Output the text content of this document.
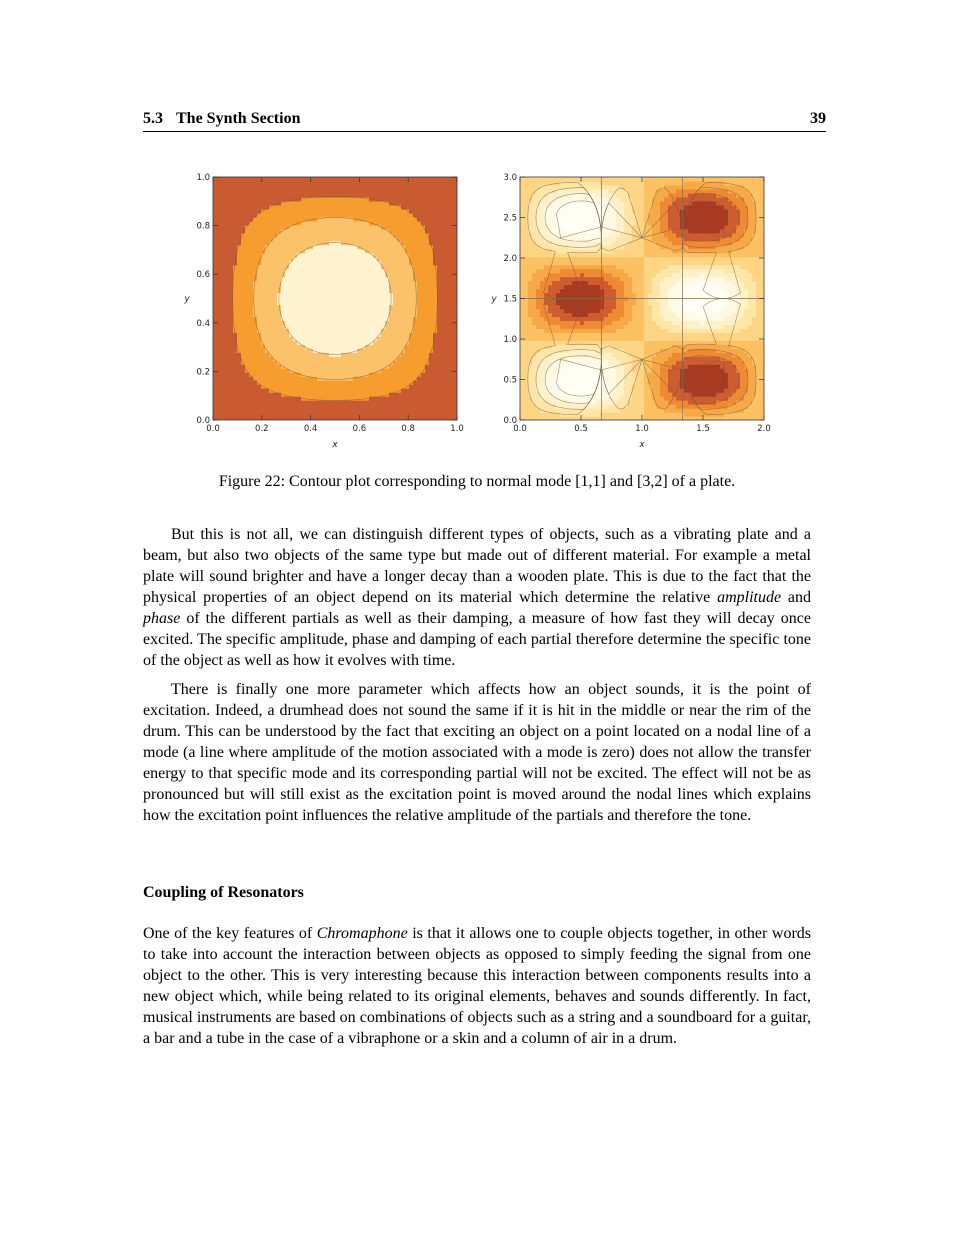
5.3 The Synth Section	39
0.0	0.2	0.4	0.6	0.8	1.0
0.0
0.2
0.4
0.6
0.8
1.0
x
y
0.0	0.5	1.0	1.5	2.0
0.0
0.5
1.0
1.5
2.0
2.5
3.0
x
y
Figure 22: Contour plot corresponding to normal mode [1,1] and [3,2] of a plate.

But this is not all, we can distinguish different types of objects, such as a vibrating plate and a beam, but also two objects of the same type but made out of different material. For example a metal plate will sound brighter and have a longer decay than a wooden plate. This is due to the fact that the physical properties of an object depend on its material which determine the relative amplitude and phase of the different partials as well as their damping, a measure of how fast they will decay once excited. The specific amplitude, phase and damping of each partial therefore determine the specific tone of the object as well as how it evolves with time.

There is finally one more parameter which affects how an object sounds, it is the point of excitation. Indeed, a drumhead does not sound the same if it is hit in the middle or near the rim of the drum. This can be understood by the fact that exciting an object on a point located on a nodal line of a mode (a line where amplitude of the motion associated with a mode is zero) does not allow the transfer energy to that specific mode and its corresponding partial will not be excited. The effect will not be as pronounced but will still exist as the excitation point is moved around the nodal lines which explains how the excitation point influences the relative amplitude of the partials and therefore the tone.

Coupling of Resonators

One of the key features of Chromaphone is that it allows one to couple objects together, in other words to take into account the interaction between objects as opposed to simply feeding the signal from one object to the other. This is very interesting because this interaction between components results into a new object which, while being related to its original elements, behaves and sounds differently. In fact, musical instruments are based on combinations of objects such as a string and a soundboard for a guitar, a bar and a tube in the case of a vibraphone or a skin and a column of air in a drum.
